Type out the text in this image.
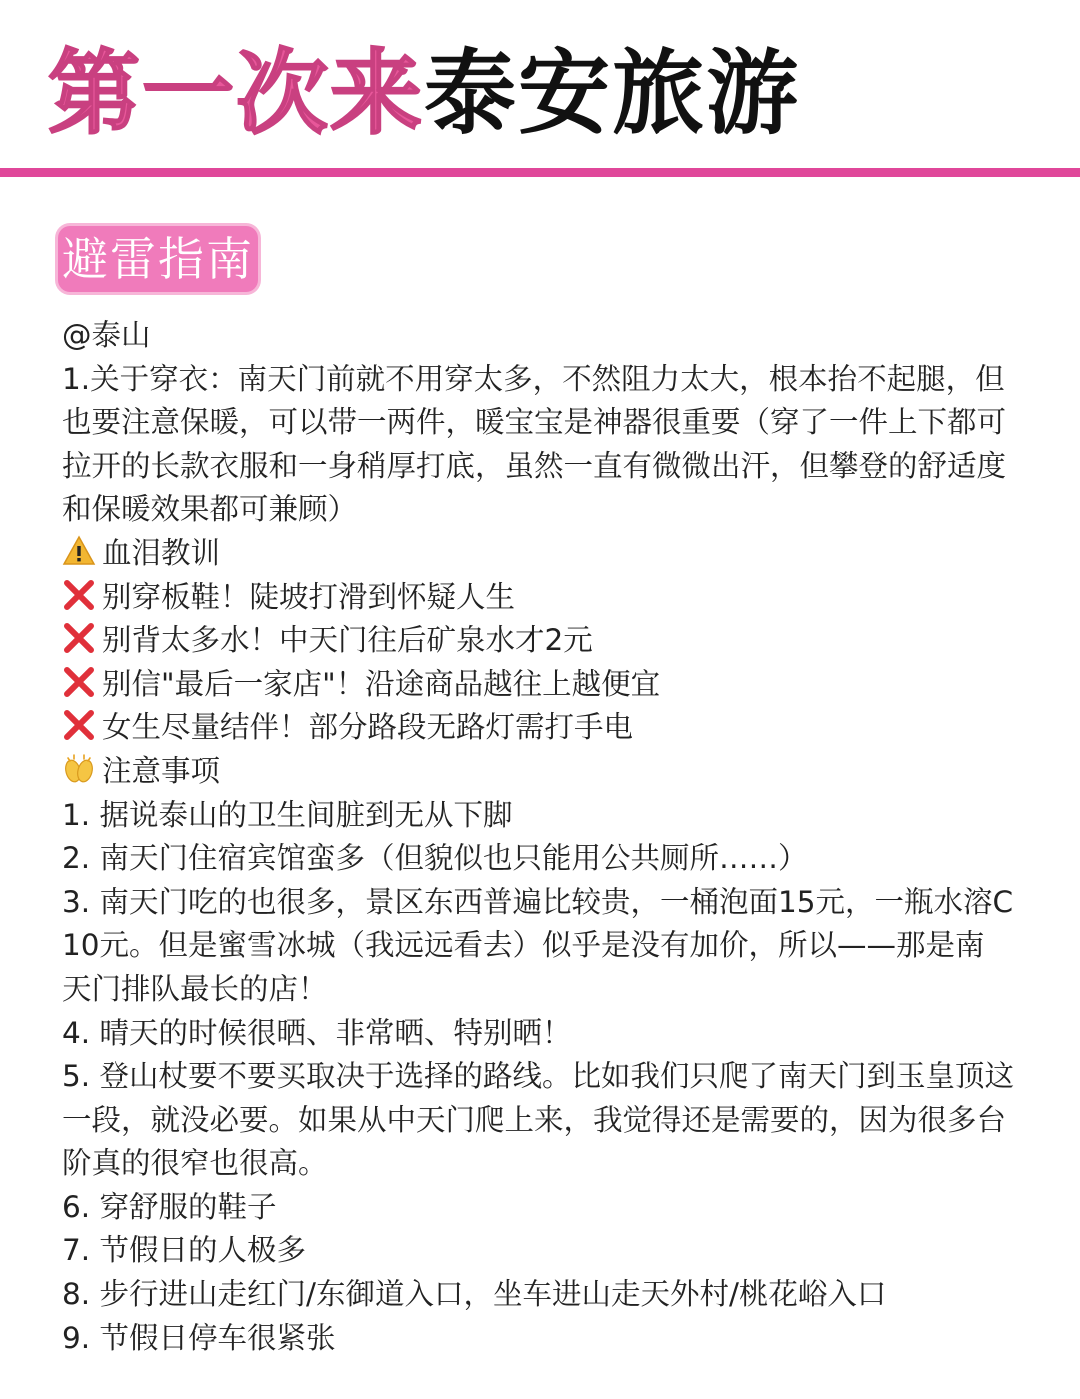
第一次来泰安旅游
避雷指南
@泰山
1.关于穿衣：南天门前就不用穿太多，不然阻力太大，根本抬不起腿，但
也要注意保暖，可以带一两件，暖宝宝是神器很重要（穿了一件上下都可
拉开的长款衣服和一身稍厚打底，虽然一直有微微出汗，但攀登的舒适度
和保暖效果都可兼顾）
血泪教训
别穿板鞋！陡坡打滑到怀疑人生
别背太多水！中天门往后矿泉水才2元
别信"最后一家店"！沿途商品越往上越便宜
女生尽量结伴！部分路段无路灯需打手电
注意事项
1. 据说泰山的卫生间脏到无从下脚
2. 南天门住宿宾馆蛮多（但貌似也只能用公共厕所……）
3. 南天门吃的也很多，景区东西普遍比较贵，一桶泡面15元，一瓶水溶C
10元。但是蜜雪冰城（我远远看去）似乎是没有加价，所以——那是南
天门排队最长的店！
4. 晴天的时候很晒、非常晒、特别晒！
5. 登山杖要不要买取决于选择的路线。比如我们只爬了南天门到玉皇顶这
一段，就没必要。如果从中天门爬上来，我觉得还是需要的，因为很多台
阶真的很窄也很高。
6. 穿舒服的鞋子
7. 节假日的人极多
8. 步行进山走红门/东御道入口，坐车进山走天外村/桃花峪入口
9. 节假日停车很紧张
